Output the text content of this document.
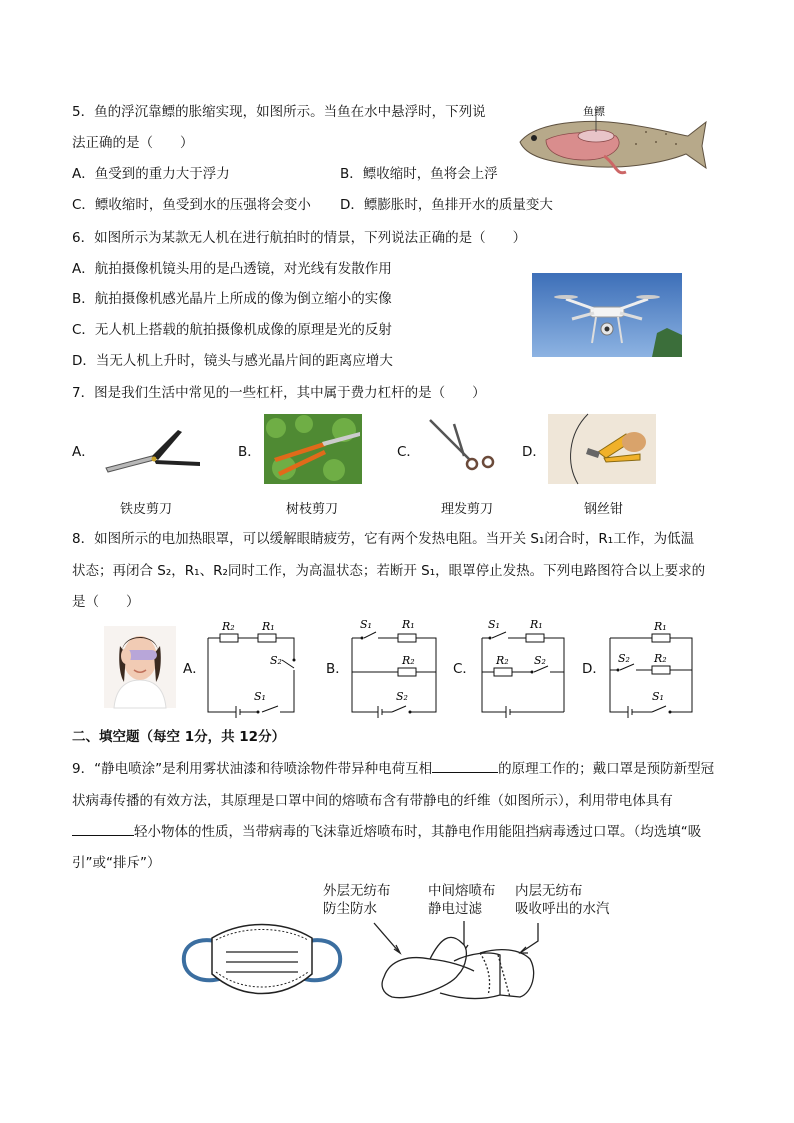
5．鱼的浮沉靠鳔的胀缩实现，如图所示。当鱼在水中悬浮时，下列说
法正确的是（　　）
A．鱼受到的重力大于浮力	B．鳔收缩时，鱼将会上浮
C．鳔收缩时，鱼受到水的压强将会变小 D．鳔膨胀时，鱼排开水的质量变大
鱼鳔
6．如图所示为某款无人机在进行航拍时的情景，下列说法正确的是（　　）
A．航拍摄像机镜头用的是凸透镜，对光线有发散作用
B．航拍摄像机感光晶片上所成的像为倒立缩小的实像
C．无人机上搭载的航拍摄像机成像的原理是光的反射
D．当无人机上升时，镜头与感光晶片间的距离应增大
7．图是我们生活中常见的一些杠杆，其中属于费力杠杆的是（　　）
A．
铁皮剪刀
B．
树枝剪刀
C．
理发剪刀
D．
钢丝钳
8．如图所示的电加热眼罩，可以缓解眼睛疲劳，它有两个发热电阻。当开关 S₁闭合时，R₁工作，为低温
状态；再闭合 S₂，R₁、R₂同时工作，为高温状态；若断开 S₁，眼罩停止发热。下列电路图符合以上要求的
是（　　）
A．
R₂ R₁
S₂
S₁
B．
S₁	R₁
R₂
S₂
C．
S₁	R₁
R₂ S₂
D．
R₁
S₂ R₂
S₁
二、填空题（每空 1分，共 12分）
9．“静电喷涂”是利用雾状油漆和待喷涂物件带异种电荷互相	的原理工作的；戴口罩是预防新型冠
状病毒传播的有效方法，其原理是口罩中间的熔喷布含有带静电的纤维（如图所示），利用带电体具有
轻小物体的性质，当带病毒的飞沫靠近熔喷布时，其静电作用能阻挡病毒透过口罩。（均选填“吸
引”或“排斥”）
外层无纺布
防尘防水
中间熔喷布
静电过滤
内层无纺布
吸收呼出的水汽
